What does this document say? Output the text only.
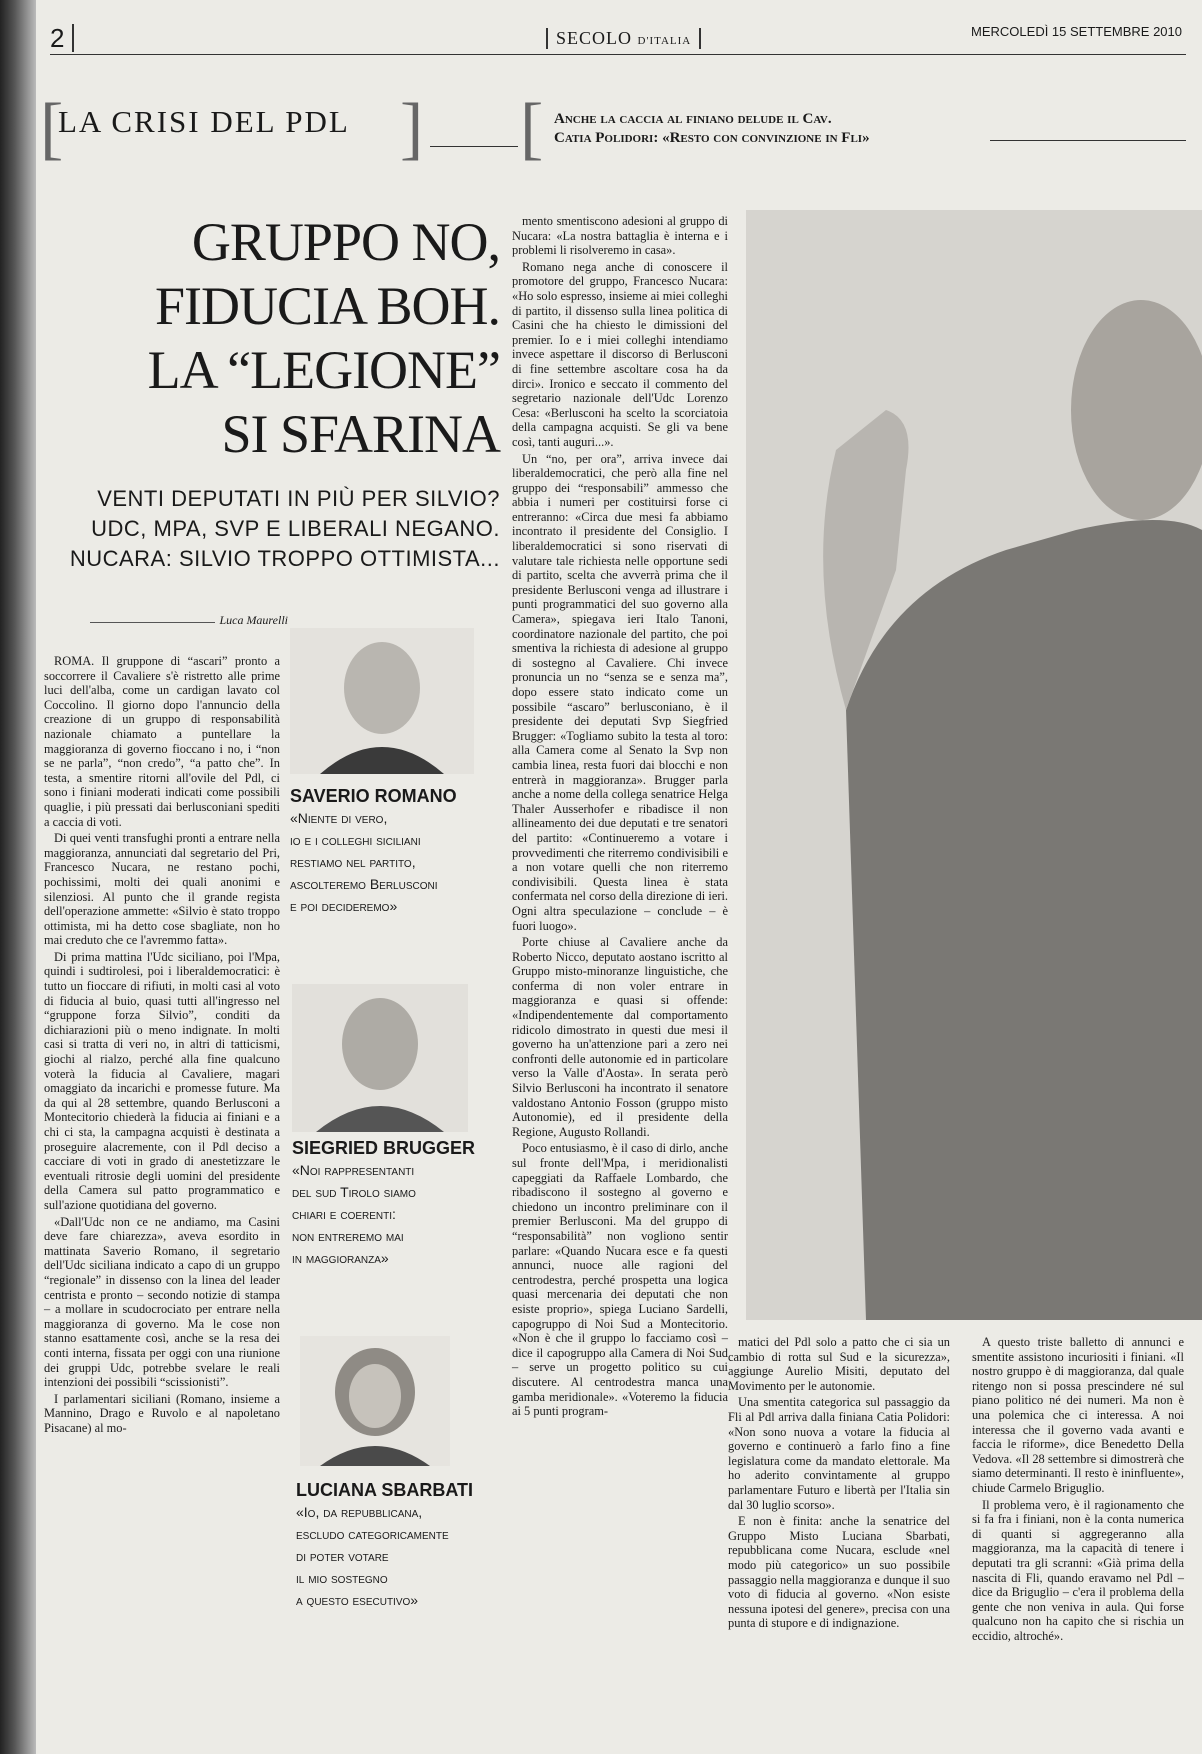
2	SECOLO D'ITALIA
MERCOLEDÌ 15 SETTEMBRE 2010
[
LA CRISI DEL PDL ] [ Anche la caccia al finiano delude il Cav.
Catia Polidori: «Resto con convinzione in Fli»
GRUPPO NO,
FIDUCIA BOH.
LA “LEGIONE”
SI SFARINA
VENTI DEPUTATI IN PIÙ PER SILVIO?
UDC, MPA, SVP E LIBERALI NEGANO.
NUCARA: SILVIO TROPPO OTTIMISTA...
Luca Maurelli

ROMA. Il gruppone di “ascari” pronto a soccorrere il Cavaliere s'è ristretto alle prime luci dell'alba, come un cardigan lavato col Coccolino. Il giorno dopo l'annuncio della creazione di un gruppo di responsabilità nazionale chiamato a puntellare la maggioranza di governo fioccano i no, i “non se ne parla”, “non credo”, “a patto che”. In testa, a smentire ritorni all'ovile del Pdl, ci sono i finiani moderati indicati come possibili quaglie, i più pressati dai berlusconiani spediti a caccia di voti.

Di quei venti transfughi pronti a entrare nella maggioranza, annunciati dal segretario del Pri, Francesco Nucara, ne restano pochi, pochissimi, molti dei quali anonimi e silenziosi. Al punto che il grande regista dell'operazione ammette: «Silvio è stato troppo ottimista, mi ha detto cose sbagliate, non ho mai creduto che ce l'avremmo fatta».

Di prima mattina l'Udc siciliano, poi l'Mpa, quindi i sudtirolesi, poi i liberaldemocratici: è tutto un fioccare di rifiuti, in molti casi al voto di fiducia al buio, quasi tutti all'ingresso nel “gruppone forza Silvio”, conditi da dichiarazioni più o meno indignate. In molti casi si tratta di veri no, in altri di tatticismi, giochi al rialzo, perché alla fine qualcuno voterà la fiducia al Cavaliere, magari omaggiato da incarichi e promesse future. Ma da qui al 28 settembre, quando Berlusconi a Montecitorio chiederà la fiducia ai finiani e a chi ci sta, la campagna acquisti è destinata a proseguire alacremente, con il Pdl deciso a cacciare di voti in grado di anestetizzare le eventuali ritrosie degli uomini del presidente della Camera sul patto programmatico e sull'azione quotidiana del governo.

«Dall'Udc non ce ne andiamo, ma Casini deve fare chiarezza», aveva esordito in mattinata Saverio Romano, il segretario dell'Udc siciliana indicato a capo di un gruppo “regionale” in dissenso con la linea del leader centrista e pronto – secondo notizie di stampa – a mollare in scudocrociato per entrare nella maggioranza di governo. Ma le cose non stanno esattamente così, anche se la resa dei conti interna, fissata per oggi con una riunione dei gruppi Udc, potrebbe svelare le reali intenzioni dei possibili “scissionisti”.

I parlamentari siciliani (Romano, insieme a Mannino, Drago e Ruvolo e al napoletano Pisacane) al mo-

SAVERIO ROMANO
«Niente di vero,
io e i colleghi siciliani
restiamo nel partito,
ascolteremo Berlusconi
e poi decideremo»
SIEGRIED BRUGGER
«Noi rappresentanti
del sud Tirolo siamo
chiari e coerenti:
non entreremo mai
in maggioranza»
LUCIANA SBARBATI
«Io, da repubblicana,
escludo categoricamente
di poter votare
il mio sostegno
a questo esecutivo»

mento smentiscono adesioni al gruppo di Nucara: «La nostra battaglia è interna e i problemi li risolveremo in casa».

Romano nega anche di conoscere il promotore del gruppo, Francesco Nucara: «Ho solo espresso, insieme ai miei colleghi di partito, il dissenso sulla linea politica di Casini che ha chiesto le dimissioni del premier. Io e i miei colleghi intendiamo invece aspettare il discorso di Berlusconi di fine settembre ascoltare cosa ha da dirci». Ironico e seccato il commento del segretario nazionale dell'Udc Lorenzo Cesa: «Berlusconi ha scelto la scorciatoia della campagna acquisti. Se gli va bene così, tanti auguri...».

Un “no, per ora”, arriva invece dai liberaldemocratici, che però alla fine nel gruppo dei “responsabili” ammesso che abbia i numeri per costituirsi forse ci entreranno: «Circa due mesi fa abbiamo incontrato il presidente del Consiglio. I liberaldemocratici si sono riservati di valutare tale richiesta nelle opportune sedi di partito, scelta che avverrà prima che il presidente Berlusconi venga ad illustrare i punti programmatici del suo governo alla Camera», spiegava ieri Italo Tanoni, coordinatore nazionale del partito, che poi smentiva la richiesta di adesione al gruppo di sostegno al Cavaliere. Chi invece pronuncia un no “senza se e senza ma”, dopo essere stato indicato come un possibile “ascaro” berlusconiano, è il presidente dei deputati Svp Siegfried Brugger: «Togliamo subito la testa al toro: alla Camera come al Senato la Svp non cambia linea, resta fuori dai blocchi e non entrerà in maggioranza». Brugger parla anche a nome della collega senatrice Helga Thaler Ausserhofer e ribadisce il non allineamento dei due deputati e tre senatori del partito: «Continueremo a votare i provvedimenti che riterremo condivisibili e a non votare quelli che non riterremo condivisibili. Questa linea è stata confermata nel corso della direzione di ieri. Ogni altra speculazione – conclude – è fuori luogo».

Porte chiuse al Cavaliere anche da Roberto Nicco, deputato aostano iscritto al Gruppo misto-minoranze linguistiche, che conferma di non voler entrare in maggioranza e quasi si offende: «Indipendentemente dal comportamento ridicolo dimostrato in questi due mesi il governo ha un'attenzione pari a zero nei confronti delle autonomie ed in particolare verso la Valle d'Aosta». In serata però Silvio Berlusconi ha incontrato il senatore valdostano Antonio Fosson (gruppo misto Autonomie), ed il presidente della Regione, Augusto Rollandi.

Poco entusiasmo, è il caso di dirlo, anche sul fronte dell'Mpa, i meridionalisti capeggiati da Raffaele Lombardo, che ribadiscono il sostegno al governo e chiedono un incontro preliminare con il premier Berlusconi. Ma del gruppo di “responsabilità” non vogliono sentir parlare: «Quando Nucara esce e fa questi annunci, nuoce alle ragioni del centrodestra, perché prospetta una logica quasi mercenaria dei deputati che non esiste proprio», spiega Luciano Sardelli, capogruppo di Noi Sud a Montecitorio. «Non è che il gruppo lo facciamo così – dice il capogruppo alla Camera di Noi Sud – serve un progetto politico su cui discutere. Al centrodestra manca una gamba meridionale». «Voteremo la fiducia ai 5 punti program-

matici del Pdl solo a patto che ci sia un cambio di rotta sul Sud e la sicurezza», aggiunge Aurelio Misiti, deputato del Movimento per le autonomie.

Una smentita categorica sul passaggio da Fli al Pdl arriva dalla finiana Catia Polidori: «Non sono nuova a votare la fiducia al governo e continuerò a farlo fino a fine legislatura come da mandato elettorale. Ma ho aderito convintamente al gruppo parlamentare Futuro e libertà per l'Italia sin dal 30 luglio scorso».

E non è finita: anche la senatrice del Gruppo Misto Luciana Sbarbati, repubblicana come Nucara, esclude «nel modo più categorico» un suo possibile passaggio nella maggioranza e dunque il suo voto di fiducia al governo. «Non esiste nessuna ipotesi del genere», precisa con una punta di stupore e di indignazione.

A questo triste balletto di annunci e smentite assistono incuriositi i finiani. «Il nostro gruppo è di maggioranza, dal quale ritengo non si possa prescindere né sul piano politico né dei numeri. Ma non è una polemica che ci interessa. A noi interessa che il governo vada avanti e faccia le riforme», dice Benedetto Della Vedova. «Il 28 settembre si dimostrerà che siamo determinanti. Il resto è ininfluente», chiude Carmelo Briguglio.

Il problema vero, è il ragionamento che si fa fra i finiani, non è la conta numerica di quanti si aggregeranno alla maggioranza, ma la capacità di tenere i deputati tra gli scranni: «Già prima della nascita di Fli, quando eravamo nel Pdl – dice da Briguglio – c'era il problema della gente che non veniva in aula. Qui forse qualcuno non ha capito che si rischia un eccidio, altroché».
